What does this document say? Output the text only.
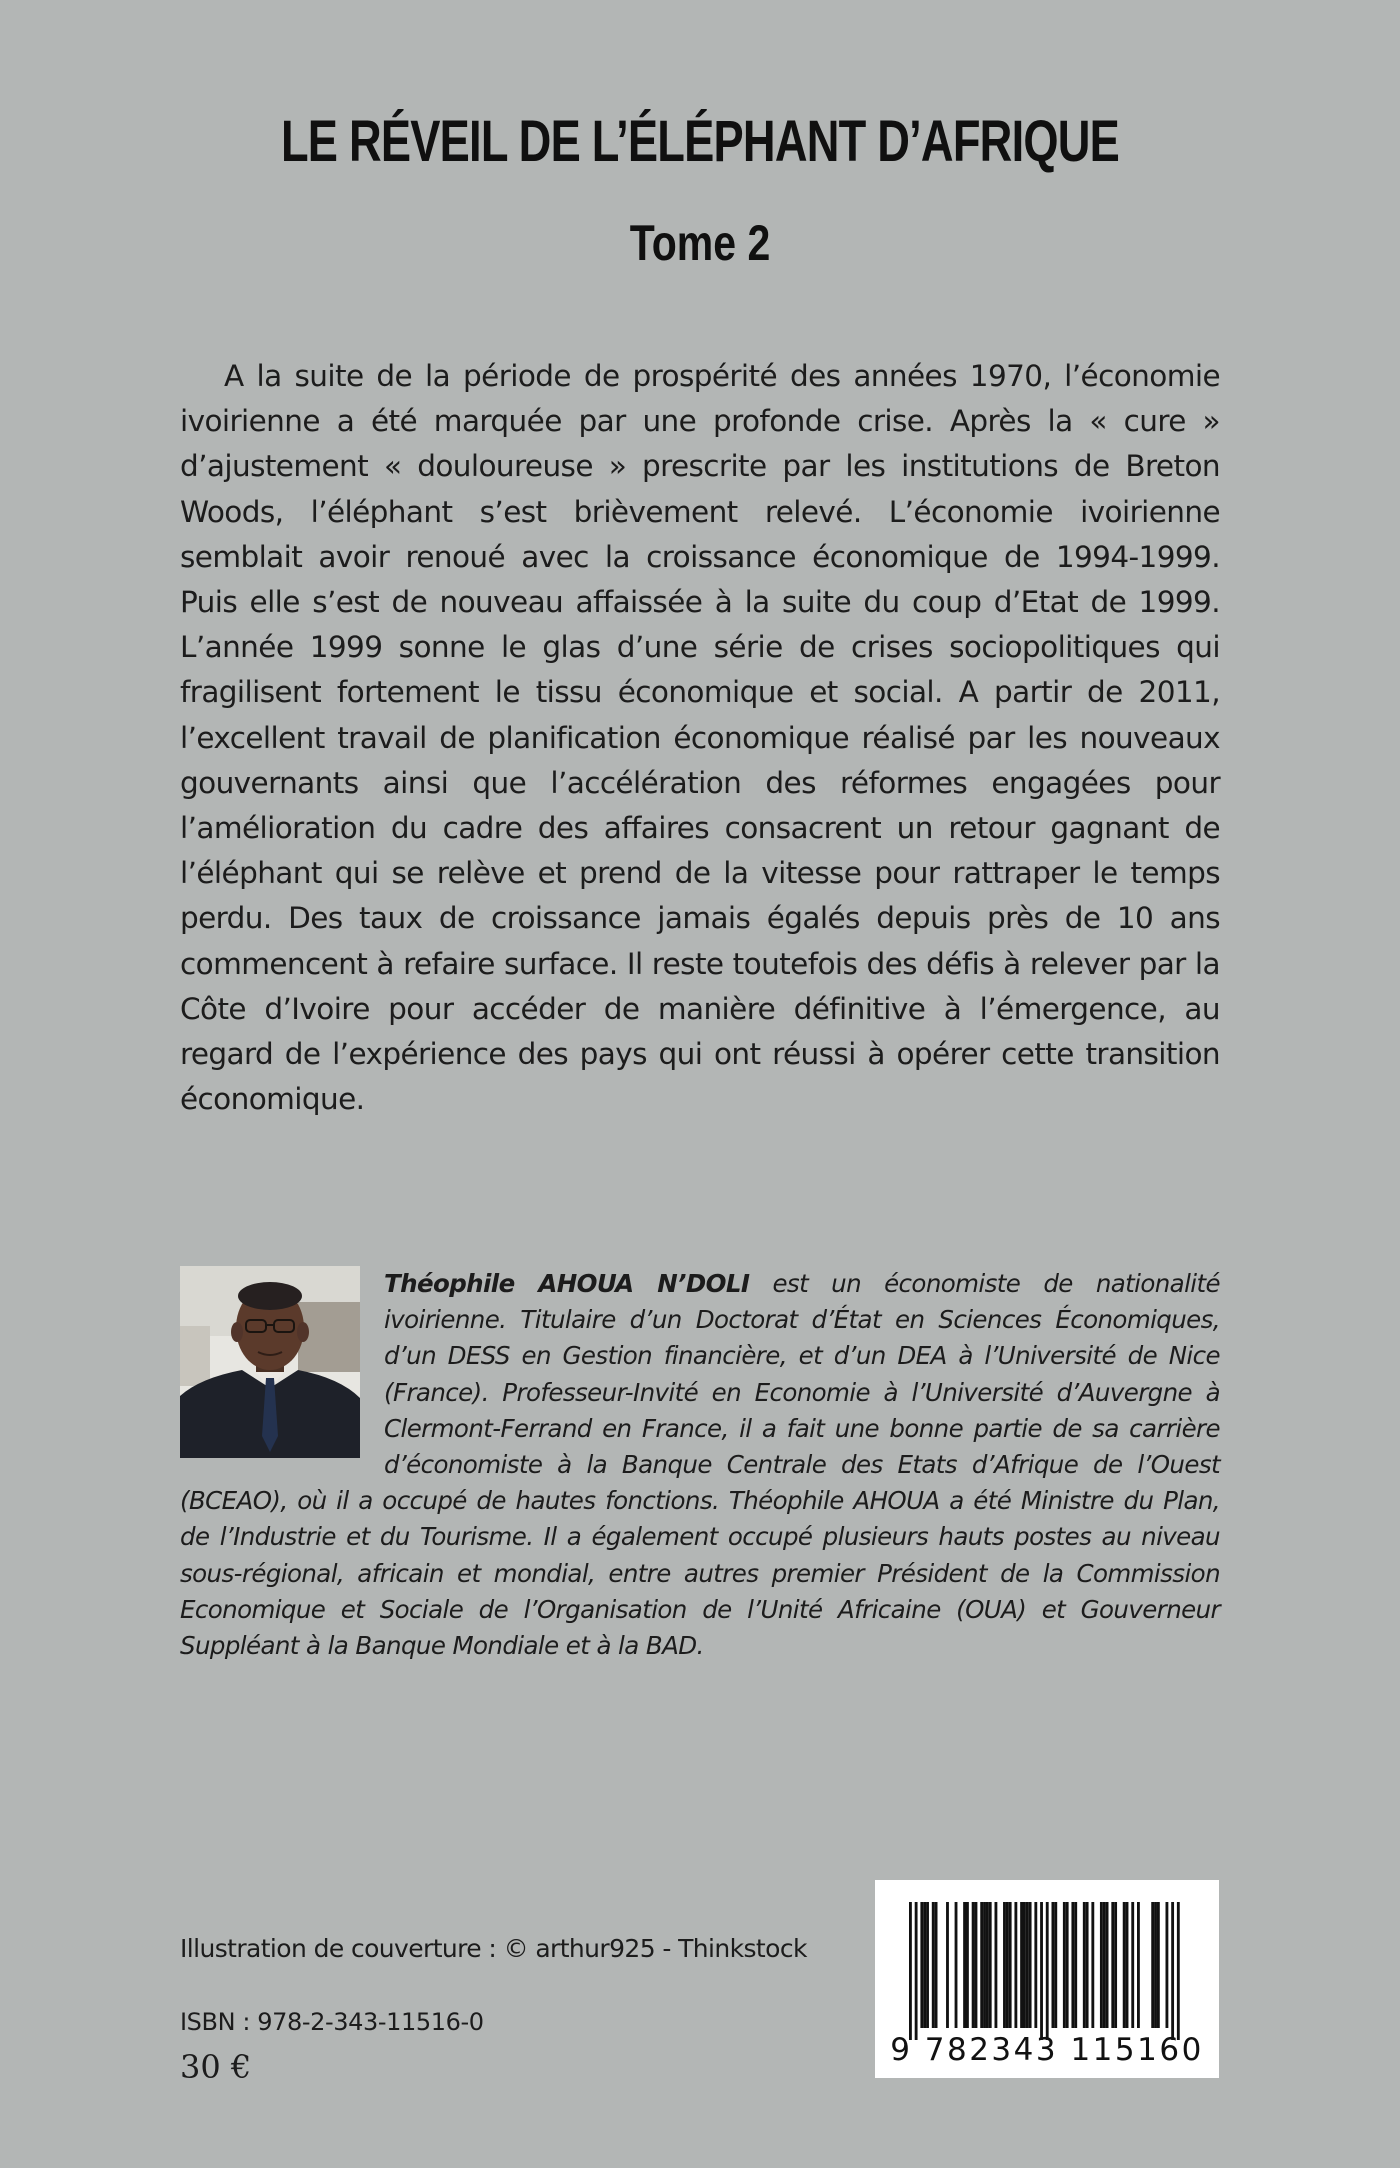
LE RÉVEIL DE L’ÉLÉPHANT D’AFRIQUE
Tome 2

A la suite de la période de prospérité des années 1970, l’économie ivoirienne a été marquée par une profonde crise. Après la « cure » d’ajustement « douloureuse » prescrite par les institutions de Breton Woods, l’éléphant s’est brièvement relevé. L’économie ivoirienne semblait avoir renoué avec la croissance économique de 1994-1999. Puis elle s’est de nouveau affaissée à la suite du coup d’Etat de 1999. L’année 1999 sonne le glas d’une série de crises sociopolitiques qui fragilisent fortement le tissu économique et social. A partir de 2011, l’excellent travail de planification économique réalisé par les nouveaux gouvernants ainsi que l’accélération des réformes engagées pour l’amélioration du cadre des affaires consacrent un retour gagnant de l’éléphant qui se relève et prend de la vitesse pour rattraper le temps perdu. Des taux de croissance jamais égalés depuis près de 10 ans commencent à refaire surface. Il reste toutefois des défis à relever par la Côte d’Ivoire pour accéder de manière définitive à l’émergence, au regard de l’expérience des pays qui ont réussi à opérer cette transition économique.

Théophile AHOUA N’DOLI est un économiste de nationalité ivoirienne. Titulaire d’un Doctorat d’État en Sciences Économiques, d’un DESS en Gestion financière, et d’un DEA à l’Université de Nice (France). Professeur-Invité en Economie à l’Université d’Auvergne à Clermont-Ferrand en France, il a fait une bonne partie de sa carrière d’économiste à la Banque Centrale des Etats d’Afrique de l’Ouest (BCEAO), où il a occupé de hautes fonctions. Théophile AHOUA a été Ministre du Plan, de l’Industrie et du Tourisme. Il a également occupé plusieurs hauts postes au niveau sous-régional, africain et mondial, entre autres premier Président de la Commission Economique et Sociale de l’Organisation de l’Unité Africaine (OUA) et Gouverneur Suppléant à la Banque Mondiale et à la BAD.
Illustration de couverture : © arthur925 - Thinkstock
ISBN : 978-2-343-11516-0
30 €	9 782343 115160
